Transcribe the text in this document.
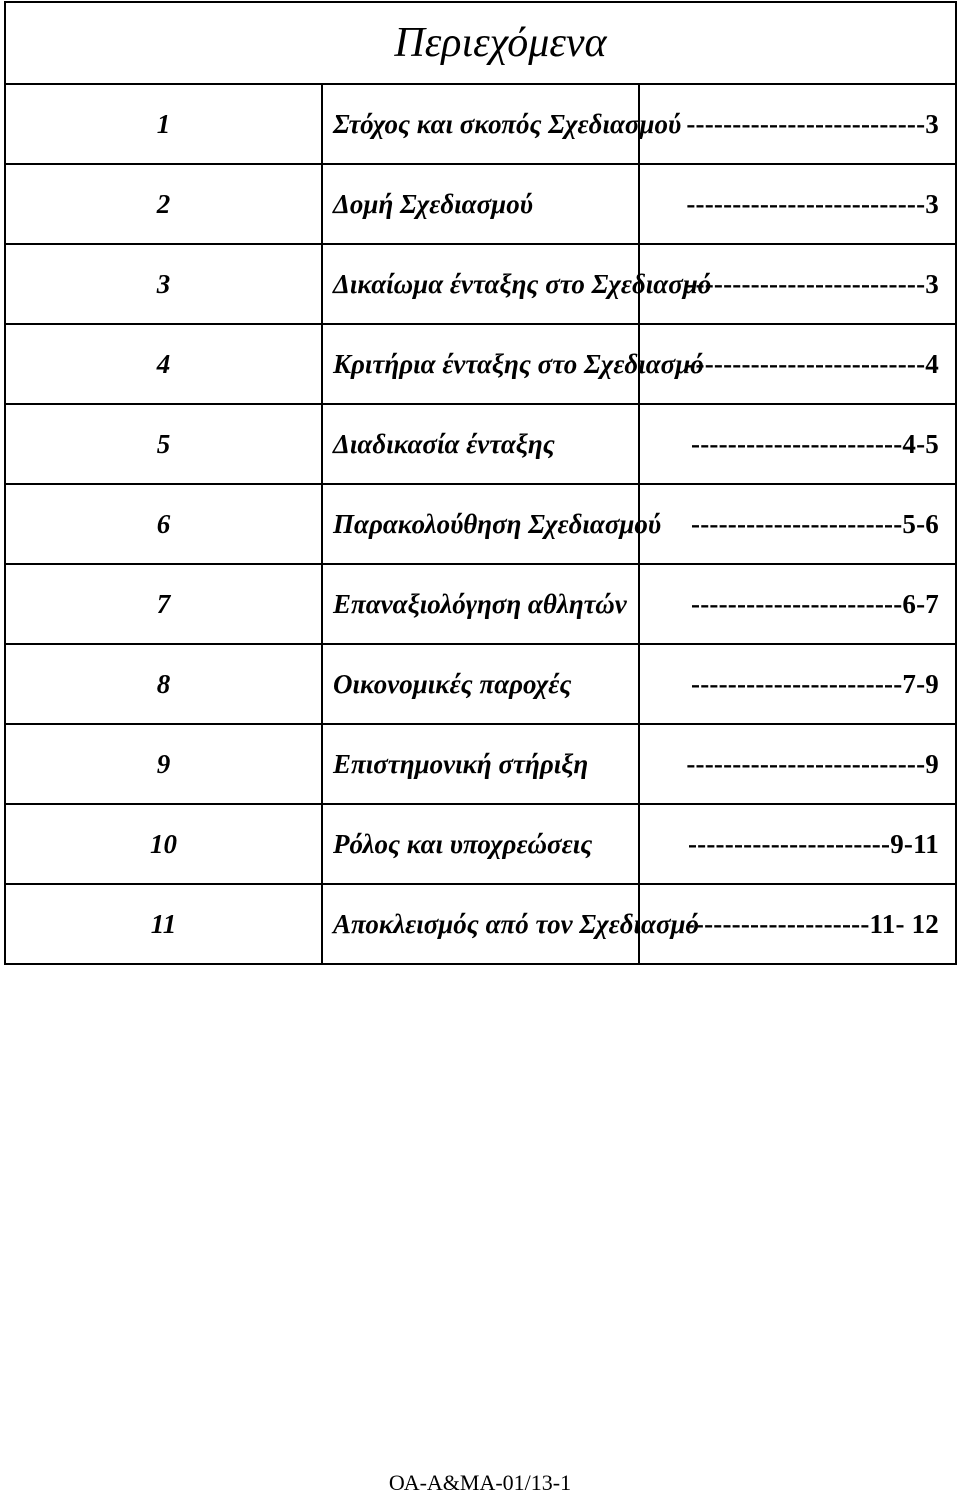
Περιεχόμενα		
1	Στόχος και σκοπός Σχεδιασμού	--------------------------3
2	Δομή Σχεδιασμού	--------------------------3
3	Δικαίωμα ένταξης στο Σχεδιασμό	--------------------------3
4	Κριτήρια ένταξης στο Σχεδιασμό	--------------------------4
5	Διαδικασία ένταξης	-----------------------4-5
6	Παρακολούθηση Σχεδιασμού	-----------------------5-6
7	Επαναξιολόγηση αθλητών	-----------------------6-7
8	Οικονομικές παροχές	-----------------------7-9
9	Επιστημονική στήριξη	--------------------------9
10	Ρόλος και υποχρεώσεις	----------------------9-11
11	Αποκλεισμός από τον Σχεδιασμό	--------------------11- 12
ΟΑ-Α&ΜΑ-01/13-1
